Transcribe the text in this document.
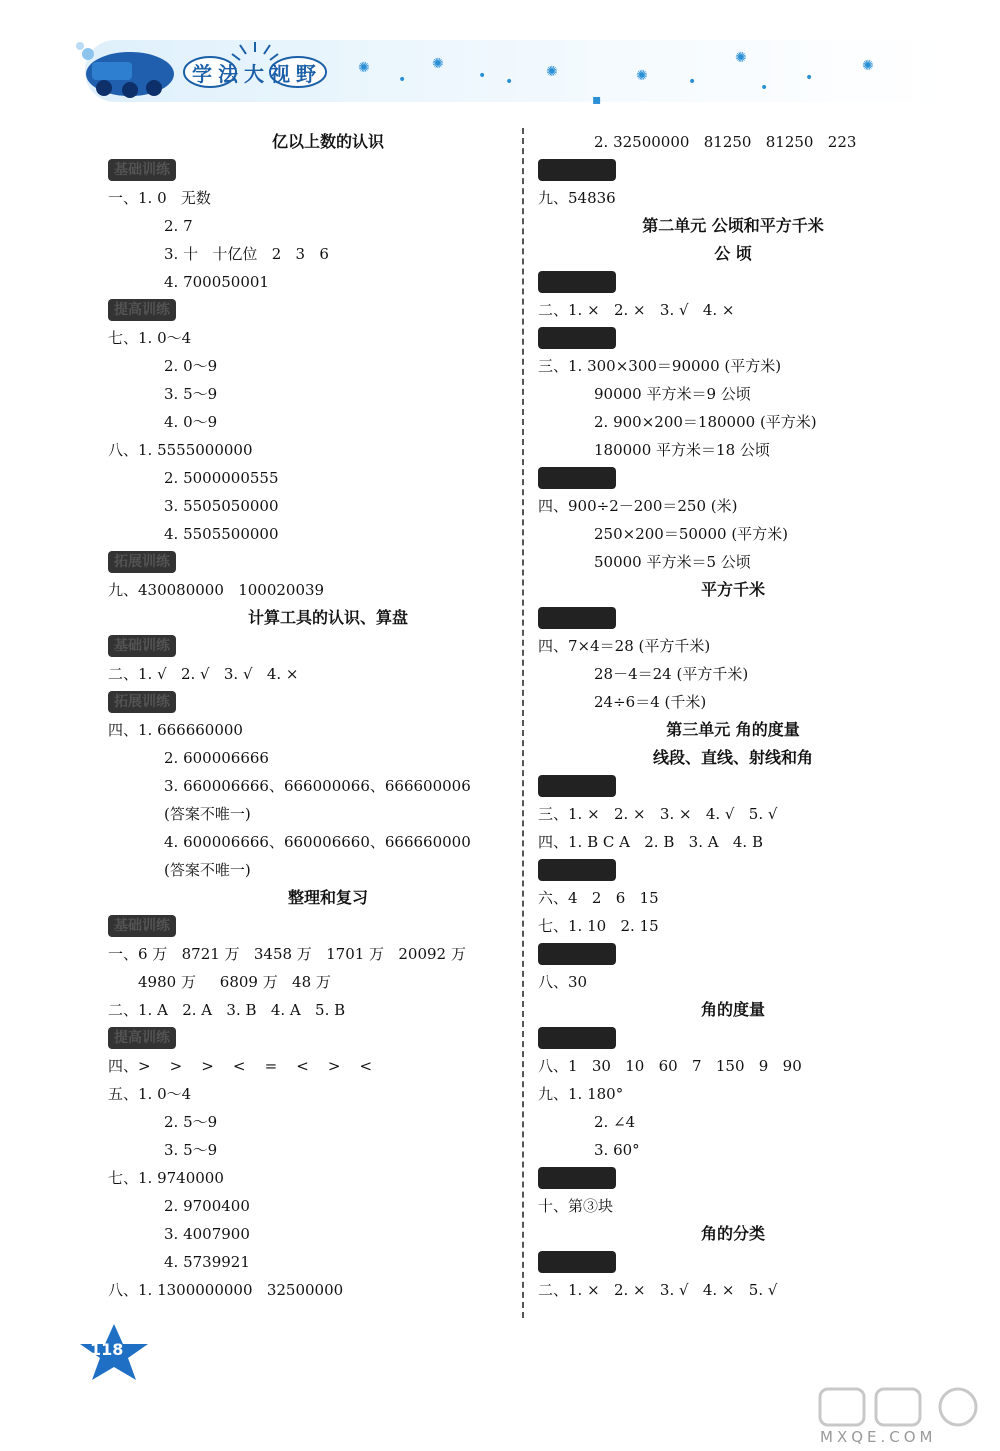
学法大视野	✺	✺
•	• •
✺
▪
✺	•
✺
•
•
✺
亿以上数的认识
基础训练
一、1. 0   无数
2. 7
3. 十   十亿位   2   3   6
4. 700050001
提高训练
七、1. 0～4
2. 0～9
3. 5～9
4. 0～9
八、1. 5555000000
2. 5000000555
3. 5505050000
4. 5505500000
拓展训练
九、430080000   100020039
计算工具的认识、算盘
基础训练
二、1. √   2. √   3. √   4. ×
拓展训练
四、1. 666660000
2. 600006666
3. 660006666、666000066、666600006
(答案不唯一)
4. 600006666、660006660、666660000
(答案不唯一)
整理和复习
基础训练
一、6 万   8721 万   3458 万   1701 万   20092 万
4980 万     6809 万   48 万
二、1. A   2. A   3. B   4. A   5. B
提高训练
四、>    >    >    <    =    <    >    <
五、1. 0～4
2. 5～9
3. 5～9
七、1. 9740000
2. 9700400
3. 4007900
4. 5739921
八、1. 1300000000   32500000
2. 32500000   81250   81250   223

九、54836
第二单元 公顷和平方千米
公 顷

二、1. ×   2. ×   3. √   4. ×

三、1. 300×300＝90000 (平方米)
90000 平方米＝9 公顷
2. 900×200＝180000 (平方米)
180000 平方米＝18 公顷

四、900÷2－200＝250 (米)
250×200＝50000 (平方米)
50000 平方米＝5 公顷
平方千米

四、7×4＝28 (平方千米)
28－4＝24 (平方千米)
24÷6＝4 (千米)
第三单元 角的度量
线段、直线、射线和角

三、1. ×   2. ×   3. ×   4. √   5. √
四、1. B C A   2. B   3. A   4. B

六、4   2   6   15
七、1. 10   2. 15

八、30
角的度量

八、1   30   10   60   7   150   9   90
九、1. 180°
2. ∠4
3. 60°

十、第③块
角的分类

二、1. ×   2. ×   3. √   4. ×   5. √
118
MXQE.COM
